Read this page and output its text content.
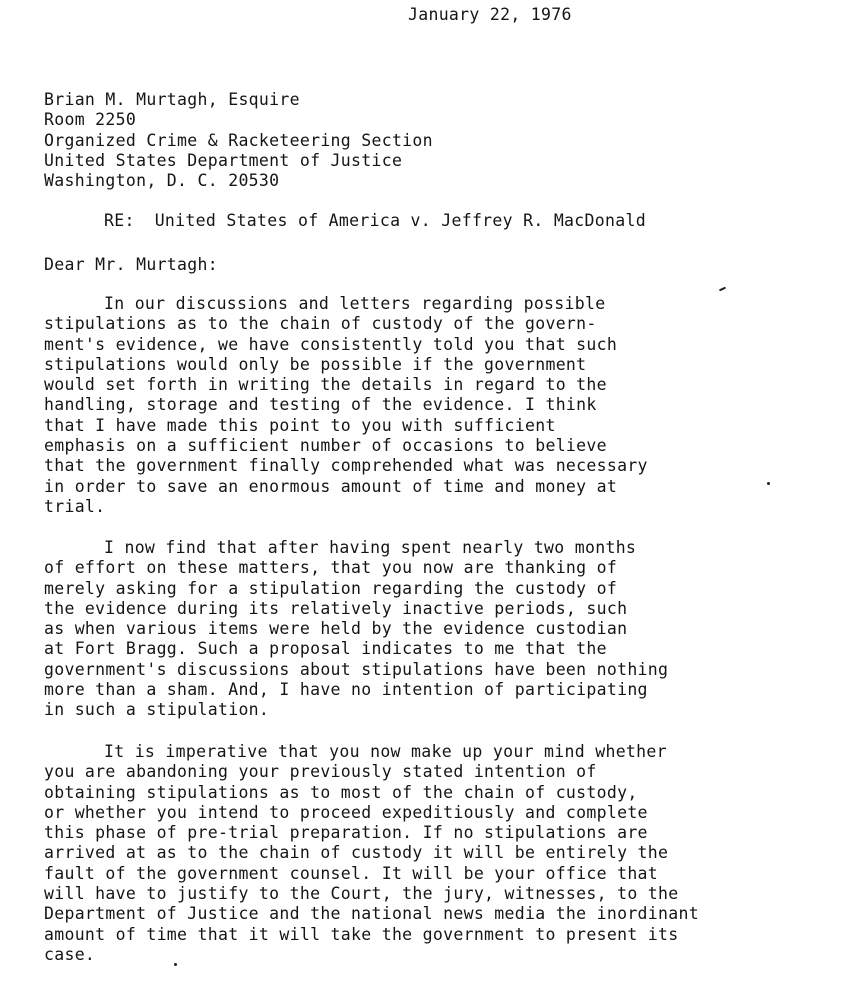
January 22, 1976
Brian M. Murtagh, Esquire
Room 2250
Organized Crime & Racketeering Section
United States Department of Justice
Washington, D. C. 20530
RE: United States of America v. Jeffrey R. MacDonald
Dear Mr. Murtagh:
In our discussions and letters regarding possible
stipulations as to the chain of custody of the govern-
ment's evidence, we have consistently told you that such
stipulations would only be possible if the government
would set forth in writing the details in regard to the
handling, storage and testing of the evidence. I think
that I have made this point to you with sufficient
emphasis on a sufficient number of occasions to believe
that the government finally comprehended what was necessary
in order to save an enormous amount of time and money at
trial.
I now find that after having spent nearly two months
of effort on these matters, that you now are thanking of
merely asking for a stipulation regarding the custody of
the evidence during its relatively inactive periods, such
as when various items were held by the evidence custodian
at Fort Bragg. Such a proposal indicates to me that the
government's discussions about stipulations have been nothing
more than a sham. And, I have no intention of participating
in such a stipulation.
It is imperative that you now make up your mind whether
you are abandoning your previously stated intention of
obtaining stipulations as to most of the chain of custody,
or whether you intend to proceed expeditiously and complete
this phase of pre-trial preparation. If no stipulations are
arrived at as to the chain of custody it will be entirely the
fault of the government counsel. It will be your office that
will have to justify to the Court, the jury, witnesses, to the
Department of Justice and the national news media the inordinant
amount of time that it will take the government to present its
case.
